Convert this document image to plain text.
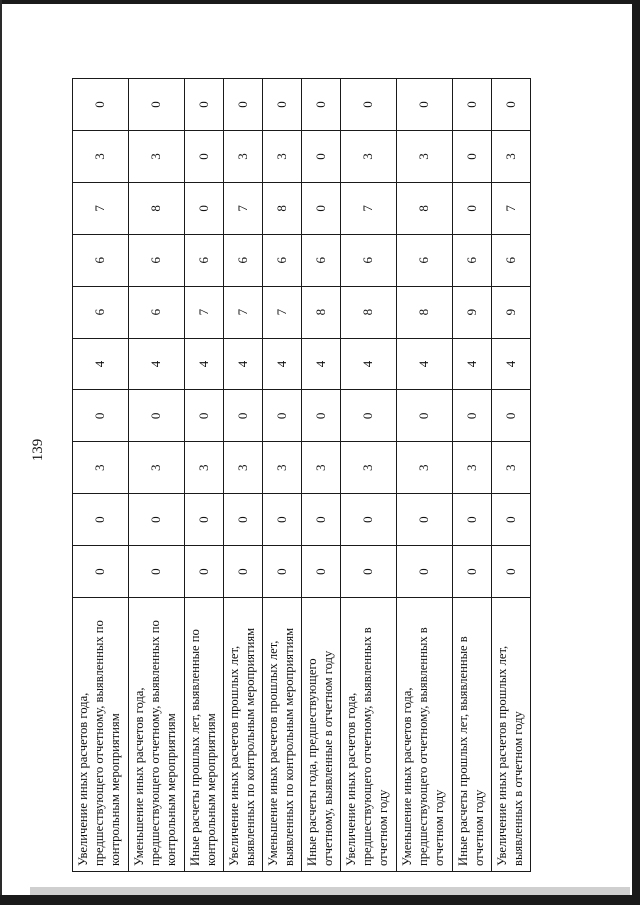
139
Увеличение иных расчетов года, предшествующего отчетному, выявленных по контрольным мероприятиям	0	0	3	0	4	6	6	7	3	0
Уменьшение иных расчетов года, предшествующего отчетному, выявленных по контрольным мероприятиям	0	0	3	0	4	6	6	8	3	0
Иные расчеты прошлых лет, выявленные по контрольным мероприятиям	0	0	3	0	4	7	6	0	0	0
Увеличение иных расчетов прошлых лет, выявленных по контрольным мероприятиям	0	0	3	0	4	7	6	7	3	0
Уменьшение иных расчетов прошлых лет, выявленных по контрольным мероприятиям	0	0	3	0	4	7	6	8	3	0
Иные расчеты года, предшествующего отчетному, выявленные в отчетном году	0	0	3	0	4	8	6	0	0	0
Увеличение иных расчетов года, предшествующего отчетному, выявленных в отчетном году	0	0	3	0	4	8	6	7	3	0
Уменьшение иных расчетов года, предшествующего отчетному, выявленных в отчетном году	0	0	3	0	4	8	6	8	3	0
Иные расчеты прошлых лет, выявленные в отчетном году	0	0	3	0	4	9	6	0	0	0
Увеличение иных расчетов прошлых лет, выявленных в отчетном году	0	0	3	0	4	9	6	7	3	0
